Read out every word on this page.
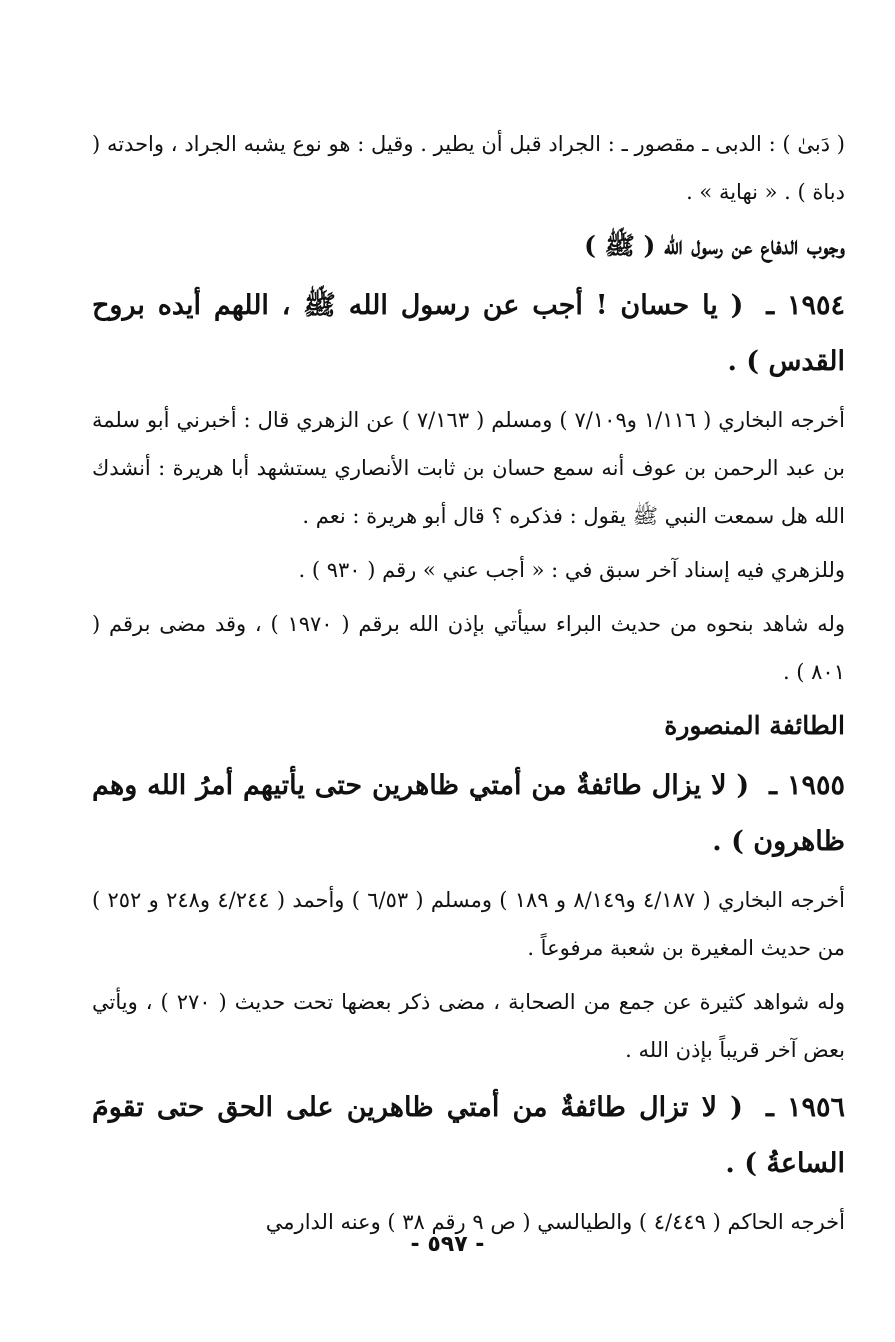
( دَبیٰ ) : الدبى ـ مقصور ـ : الجراد قبل أن يطير . وقيل : هو نوع يشبه الجراد ، واحدته ( دباة ) . « نهاية » .

وجوب الدفاع عن رسول الله ( ﷺ )
١٩٥٤ ـ ( يا حسان ! أجب عن رسول الله ﷺ ، اللهم أيده بروح القدس ) .

أخرجه البخاري ( ١/١١٦ و٧/١٠٩ ) ومسلم ( ٧/١٦٣ ) عن الزهري قال : أخبرني أبو سلمة بن عبد الرحمن بن عوف أنه سمع حسان بن ثابت الأنصاري يستشهد أبا هريرة : أنشدك الله هل سمعت النبي ﷺ يقول : فذكره ؟ قال أبو هريرة : نعم .

وللزهري فيه إسناد آخر سبق في : « أجب عني » رقم ( ٩٣٠ ) .

وله شاهد بنحوه من حديث البراء سيأتي بإذن الله برقم ( ١٩٧٠ ) ، وقد مضى برقم ( ٨٠١ ) .

الطائفة المنصورة
١٩٥٥ ـ ( لا يزال طائفةٌ من أمتي ظاهرين حتى يأتيهم أمرُ الله وهم ظاهرون ) .

أخرجه البخاري ( ٤/١٨٧ و٨/١٤٩ و ١٨٩ ) ومسلم ( ٦/٥٣ ) وأحمد ( ٤/٢٤٤ و٢٤٨ و ٢٥٢ ) من حديث المغيرة بن شعبة مرفوعاً .

وله شواهد كثيرة عن جمع من الصحابة ، مضى ذكر بعضها تحت حديث ( ٢٧٠ ) ، ويأتي بعض آخر قريباً بإذن الله .

١٩٥٦ ـ ( لا تزال طائفةٌ من أمتي ظاهرين على الحق حتى تقومَ الساعةُ ) .

أخرجه الحاكم ( ٤/٤٤٩ ) والطيالسي ( ص ٩ رقم ٣٨ ) وعنه الدارمي

- ٥٩٧ -
